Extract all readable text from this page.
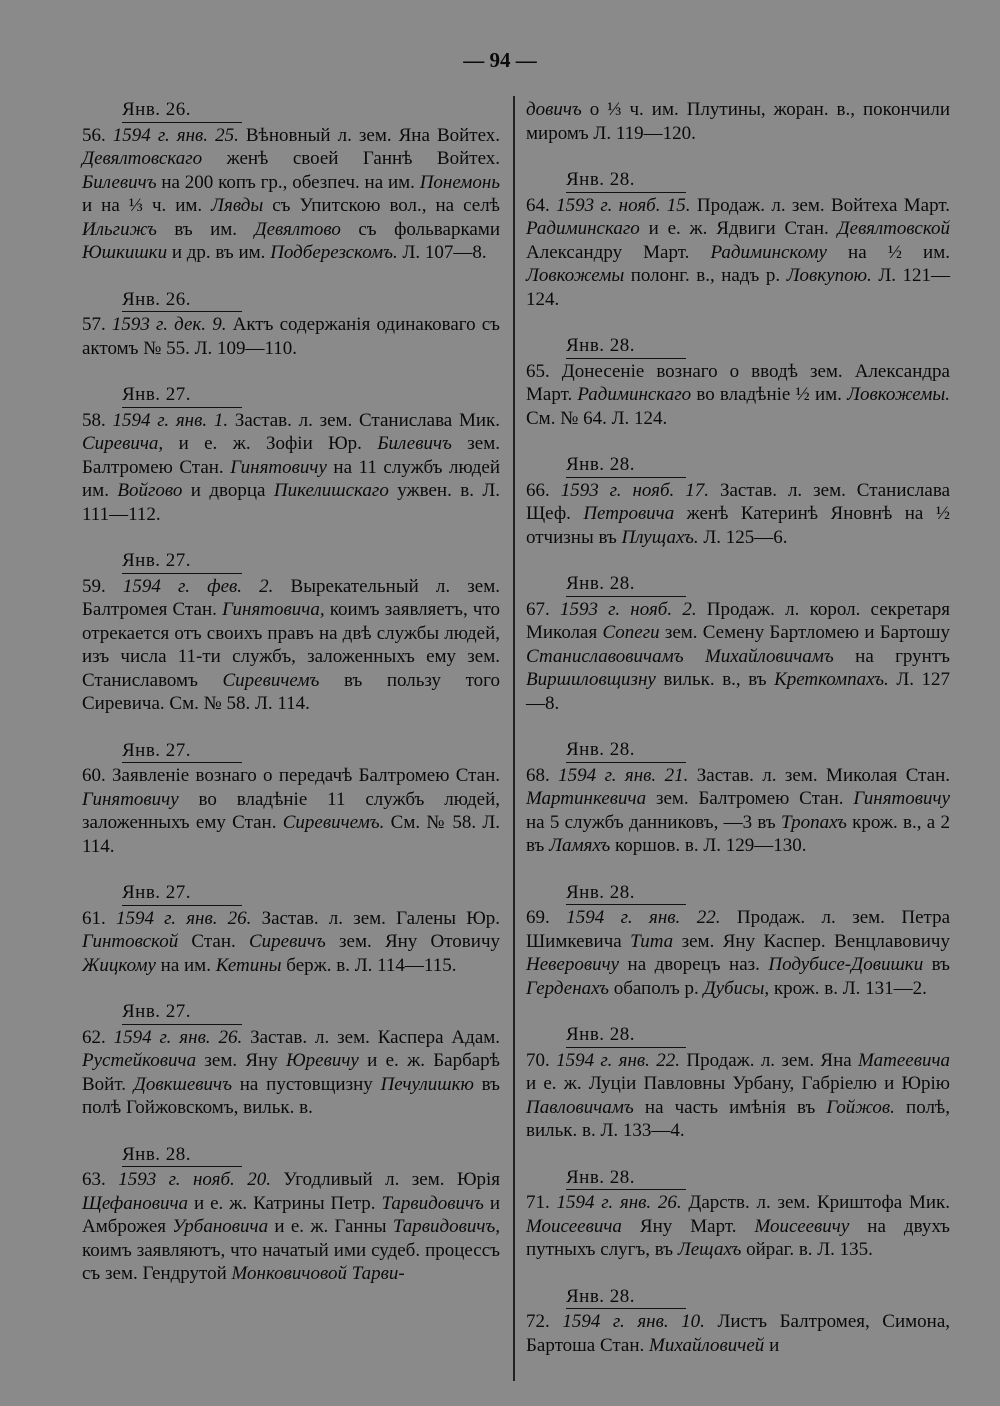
— 94 —
Янв. 26.
56. 1594 г. янв. 25. Вѣновный л. зем. Яна Войтех. Девялтовскаго женѣ своей Ганнѣ Войтех. Билевичъ на 200 копъ гр., обезпеч. на им. Понемонь и на ⅓ ч. им. Лявды съ Упитскою вол., на селѣ Ильгижъ въ им. Девялтово съ фольварками Юшкишки и др. въ им. Подберезскомъ. Л. 107—8.
Янв. 26.
57. 1593 г. дек. 9. Актъ содержанія одинаковаго съ актомъ № 55. Л. 109—110.
Янв. 27.
58. 1594 г. янв. 1. Застав. л. зем. Станислава Мик. Сиревича, и е. ж. Зофіи Юр. Билевичъ зем. Балтромею Стан. Гинятовичу на 11 службъ людей им. Войгово и дворца Пикелишскаго ужвен. в. Л. 111—112.
Янв. 27.
59. 1594 г. фев. 2. Вырекательный л. зем. Балтромея Стан. Гинятовича, коимъ заявляетъ, что отрекается отъ своихъ правъ на двѣ службы людей, изъ числа 11-ти службъ, заложенныхъ ему зем. Станиславомъ Сиревичемъ въ пользу того Сиревича. См. № 58. Л. 114.
Янв. 27.
60. Заявленіе вознаго о передачѣ Балтромею Стан. Гинятовичу во владѣніе 11 службъ людей, заложенныхъ ему Стан. Сиревичемъ. См. № 58. Л. 114.
Янв. 27.
61. 1594 г. янв. 26. Застав. л. зем. Галены Юр. Гинтовской Стан. Сиревичъ зем. Яну Отовичу Жицкому на им. Кетины берж. в. Л. 114—115.
Янв. 27.
62. 1594 г. янв. 26. Застав. л. зем. Каспера Адам. Рустейковича зем. Яну Юревичу и е. ж. Барбарѣ Войт. Довкшевичъ на пустовщизну Печулишкю въ полѣ Гойжовскомъ, вильк. в.
Янв. 28.
63. 1593 г. нояб. 20. Угодливый л. зем. Юрія Щефановича и е. ж. Катрины Петр. Тарвидовичъ и Амброжея Урбановича и е. ж. Ганны Тарвидовичъ, коимъ заявляютъ, что начатый ими судеб. процессъ съ зем. Гендрутой Монковичовой Тарви-
довичъ о ⅓ ч. им. Плутины, жоран. в., покончили миромъ Л. 119—120.
Янв. 28.
64. 1593 г. нояб. 15. Продаж. л. зем. Войтеха Март. Радиминскаго и е. ж. Ядвиги Стан. Девялтовской Александру Март. Радиминскому на ½ им. Ловкожемы полонг. в., надъ р. Ловкупою. Л. 121—124.
Янв. 28.
65. Донесеніе вознаго о вводѣ зем. Александра Март. Радиминскаго во владѣніе ½ им. Ловкожемы. См. № 64. Л. 124.
Янв. 28.
66. 1593 г. нояб. 17. Застав. л. зем. Станислава Щеф. Петровича женѣ Катеринѣ Яновнѣ на ½ отчизны въ Плущахъ. Л. 125—6.
Янв. 28.
67. 1593 г. нояб. 2. Продаж. л. корол. секретаря Миколая Сопеги зем. Семену Бартломею и Бартошу Станиславовичамъ Михайловичамъ на грунтъ Виршиловщизну вильк. в., въ Креткомпахъ. Л. 127—8.
Янв. 28.
68. 1594 г. янв. 21. Застав. л. зем. Миколая Стан. Мартинкевича зем. Балтромею Стан. Гинятовичу на 5 службъ данниковъ, —3 въ Тропахъ крож. в., а 2 въ Ламяхъ коршов. в. Л. 129—130.
Янв. 28.
69. 1594 г. янв. 22. Продаж. л. зем. Петра Шимкевича Тита зем. Яну Каспер. Венцлавовичу Неверовичу на дворецъ наз. Подубисе-Довишки въ Герденахъ обаполъ р. Дубисы, крож. в. Л. 131—2.
Янв. 28.
70. 1594 г. янв. 22. Продаж. л. зем. Яна Матеевича и е. ж. Луціи Павловны Урбану, Габріелю и Юрію Павловичамъ на часть имѣнія въ Гойжов. полѣ, вильк. в. Л. 133—4.
Янв. 28.
71. 1594 г. янв. 26. Дарств. л. зем. Криштофа Мик. Моисеевича Яну Март. Моисеевичу на двухъ путныхъ слугъ, въ Лещахъ ойраг. в. Л. 135.
Янв. 28.
72. 1594 г. янв. 10. Листъ Балтромея, Симона, Бартоша Стан. Михайловичей и
